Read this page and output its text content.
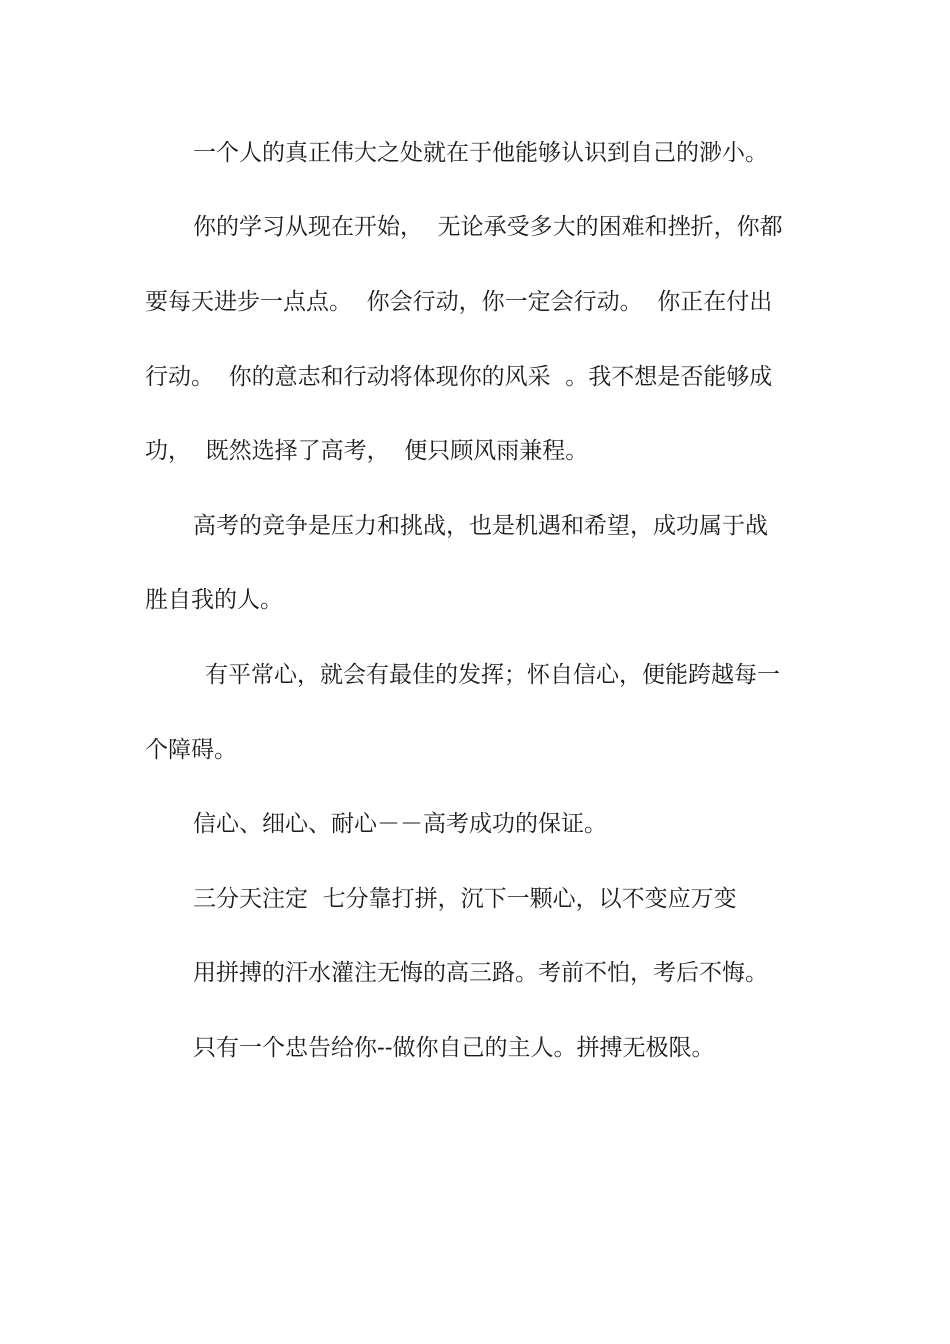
一个人的真正伟大之处就在于他能够认识到自己的渺小。
你的学习从现在开始，  无论承受多大的困难和挫折，你都
要每天进步一点点。  你会行动，你一定会行动。  你正在付出
行动。  你的意志和行动将体现你的风采  。我不想是否能够成
功，  既然选择了高考，  便只顾风雨兼程。
高考的竞争是压力和挑战，也是机遇和希望，成功属于战
胜自我的人。
有平常心，就会有最佳的发挥；怀自信心，便能跨越每一
个障碍。
信心、细心、耐心－－高考成功的保证。
三分天注定  七分靠打拼，沉下一颗心，以不变应万变
用拼搏的汗水灌注无悔的高三路。考前不怕，考后不悔。
只有一个忠告给你--做你自己的主人。拼搏无极限。
